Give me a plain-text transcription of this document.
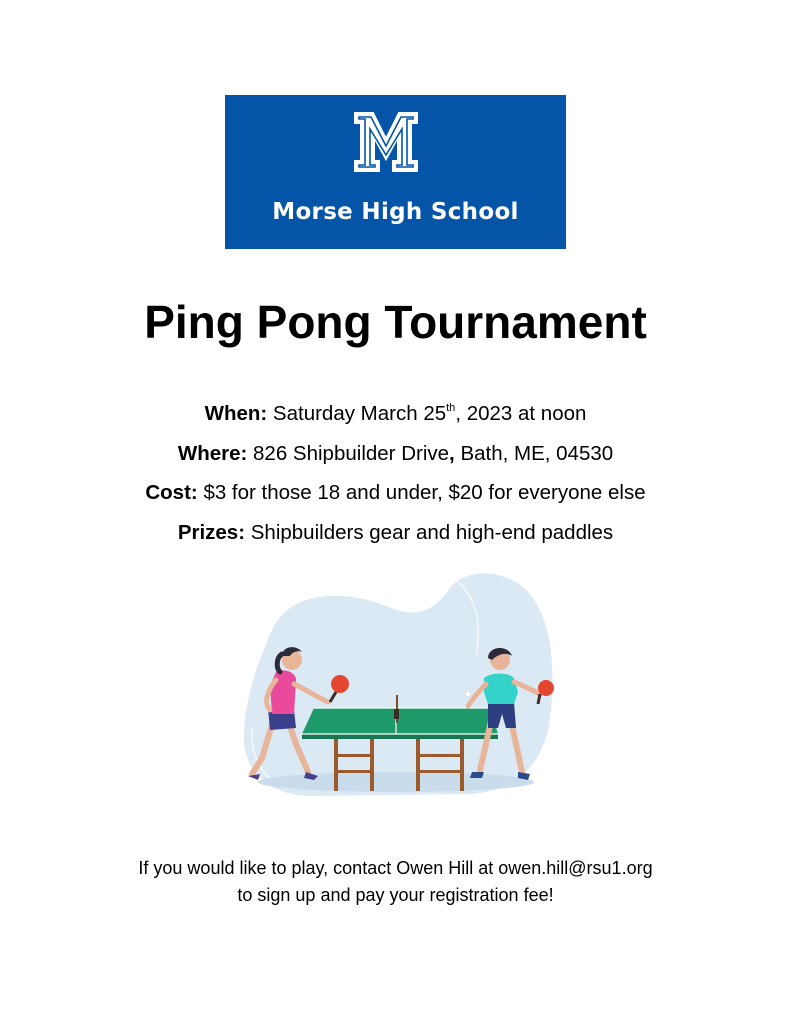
Morse High School
Ping Pong Tournament
When: Saturday March 25th, 2023 at noon
Where: 826 Shipbuilder Drive, Bath, ME, 04530
Cost: $3 for those 18 and under, $20 for everyone else
Prizes: Shipbuilders gear and high-end paddles
If you would like to play, contact Owen Hill at owen.hill@rsu1.org
to sign up and pay your registration fee!
